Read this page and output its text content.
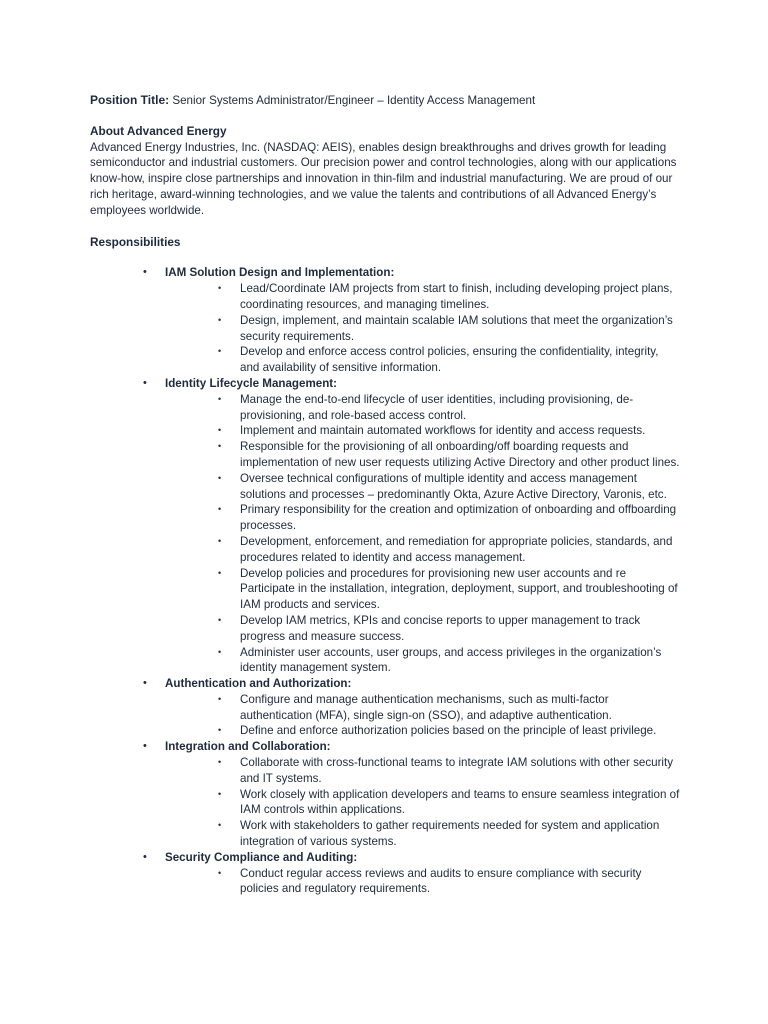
Position Title: Senior Systems Administrator/Engineer – Identity Access Management

About Advanced Energy

Advanced Energy Industries, Inc. (NASDAQ: AEIS), enables design breakthroughs and drives growth for leading semiconductor and industrial customers. Our precision power and control technologies, along with our applications know-how, inspire close partnerships and innovation in thin-film and industrial manufacturing. We are proud of our rich heritage, award-winning technologies, and we value the talents and contributions of all Advanced Energy’s employees worldwide.

Responsibilities

• IAM Solution Design and Implementation:
• Lead/Coordinate IAM projects from start to finish, including developing project plans, coordinating resources, and managing timelines.
• Design, implement, and maintain scalable IAM solutions that meet the organization’s security requirements.
• Develop and enforce access control policies, ensuring the confidentiality, integrity, and availability of sensitive information.
• Identity Lifecycle Management:
• Manage the end-to-end lifecycle of user identities, including provisioning, de-provisioning, and role-based access control.
• Implement and maintain automated workflows for identity and access requests.
• Responsible for the provisioning of all onboarding/off boarding requests and implementation of new user requests utilizing Active Directory and other product lines.
• Oversee technical configurations of multiple identity and access management solutions and processes – predominantly Okta, Azure Active Directory, Varonis, etc.
• Primary responsibility for the creation and optimization of onboarding and offboarding processes.
• Development, enforcement, and remediation for appropriate policies, standards, and procedures related to identity and access management.
• Develop policies and procedures for provisioning new user accounts and re Participate in the installation, integration, deployment, support, and troubleshooting of IAM products and services.
• Develop IAM metrics, KPIs and concise reports to upper management to track progress and measure success.
• Administer user accounts, user groups, and access privileges in the organization’s identity management system.
• Authentication and Authorization:
• Configure and manage authentication mechanisms, such as multi-factor authentication (MFA), single sign-on (SSO), and adaptive authentication.
• Define and enforce authorization policies based on the principle of least privilege.
• Integration and Collaboration:
• Collaborate with cross-functional teams to integrate IAM solutions with other security and IT systems.
• Work closely with application developers and teams to ensure seamless integration of IAM controls within applications.
• Work with stakeholders to gather requirements needed for system and application integration of various systems.
• Security Compliance and Auditing:
• Conduct regular access reviews and audits to ensure compliance with security policies and regulatory requirements.
